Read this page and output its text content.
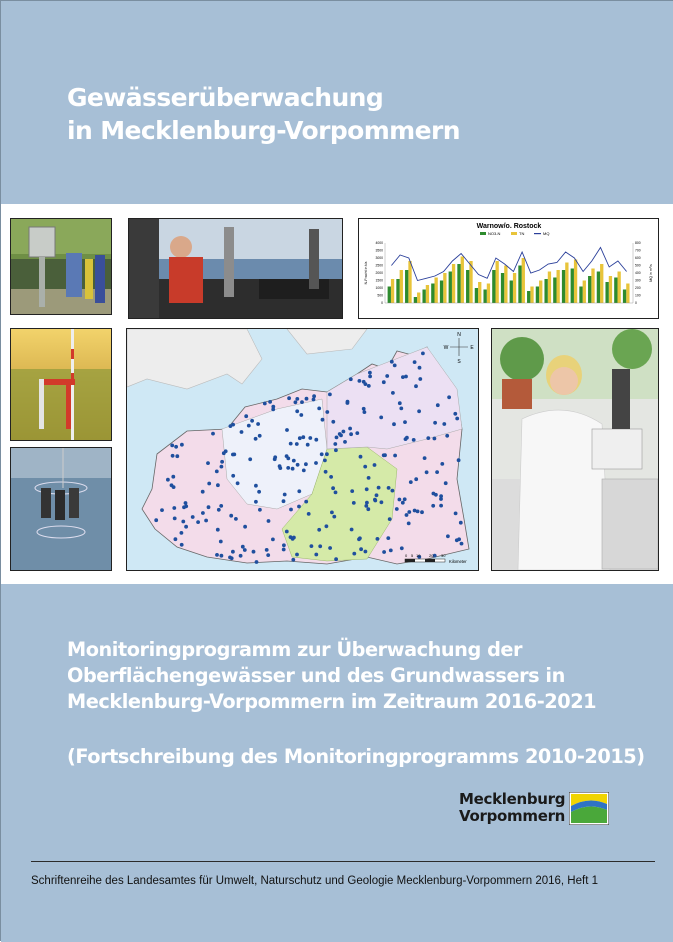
Gewässerüberwachung
in Mecklenburg-Vorpommern
Warnow/o. Rostock
NO3-N	TN	MQ
4000
3500
3000
2500
2000
1500
1000
500
0
800
700
600
500
400
300
200
100
0
N-Fracht in t/a	MQ in m³/s
N
W	E
S
0 5 10 20 30
Kilometer
Monitoringprogramm zur Überwachung der
Oberflächengewässer und des Grundwassers in
Mecklenburg-Vorpommern im Zeitraum 2016-2021
(Fortschreibung des Monitoringprogramms 2010-2015)
Mecklenburg
Vorpommern

Schriftenreihe des Landesamtes für Umwelt, Naturschutz und Geologie Mecklenburg-Vorpommern 2016, Heft 1
